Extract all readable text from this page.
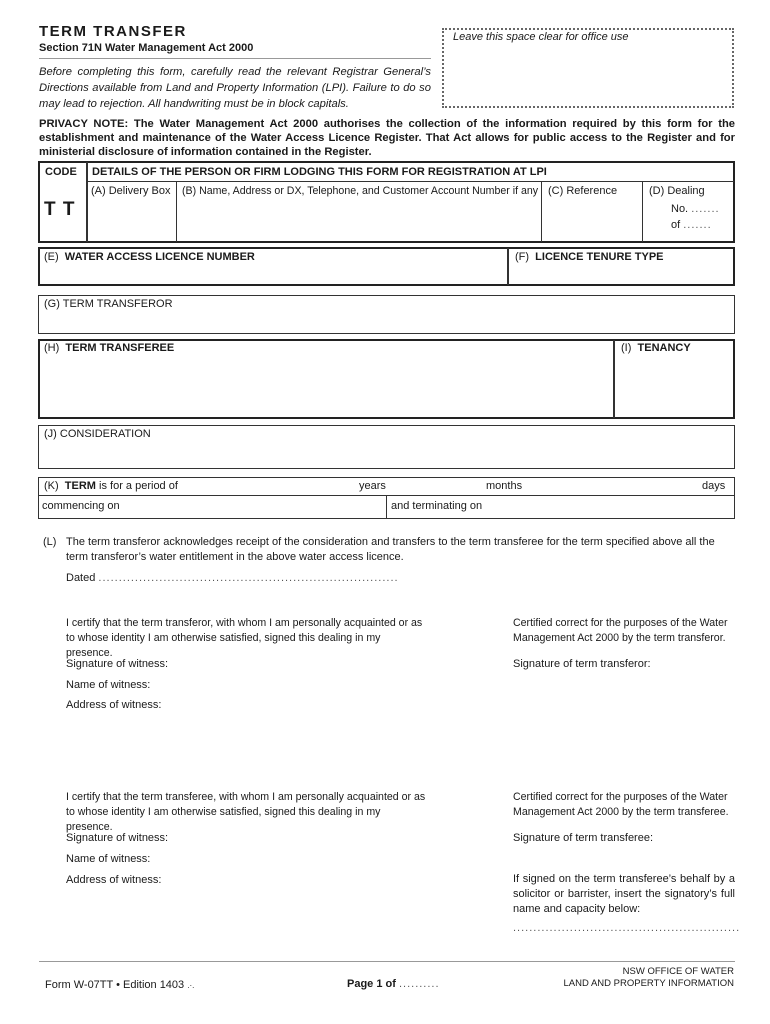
TERM TRANSFER
Section 71N Water Management Act 2000
Leave this space clear for office use
Before completing this form, carefully read the relevant Registrar General’s Directions available from Land and Property Information (LPI). Failure to do so may lead to rejection. All handwriting must be in block capitals.
PRIVACY NOTE: The Water Management Act 2000 authorises the collection of the information required by this form for the establishment and maintenance of the Water Access Licence Register. That Act allows for public access to the Register and for ministerial disclosure of information contained in the Register.
CODE
T T
DETAILS OF THE PERSON OR FIRM LODGING THIS FORM FOR REGISTRATION AT LPI
(A) Delivery Box (B) Name, Address or DX, Telephone, and Customer Account Number if any (C) Reference	(D) Dealing
No. .......
of .......
(E) WATER ACCESS LICENCE NUMBER	(F) LICENCE TENURE TYPE
(G) TERM TRANSFEROR
(H) TERM TRANSFEREE	(I) TENANCY
(J) CONSIDERATION
(K) TERM is for a period of	years	months	days
commencing on	and terminating on
(L) The term transferor acknowledges receipt of the consideration and transfers to the term transferee for the term specified above all the term transferor’s water entitlement in the above water access licence.
Dated ..........................................................................
I certify that the term transferor, with whom I am personally acquainted or as to whose identity I am otherwise satisfied, signed this dealing in my presence.
Certified correct for the purposes of the Water Management Act 2000 by the term transferor.
Signature of witness:
Name of witness:
Address of witness:
Signature of term transferor:
I certify that the term transferee, with whom I am personally acquainted or as to whose identity I am otherwise satisfied, signed this dealing in my presence.
Certified correct for the purposes of the Water Management Act 2000 by the term transferee.
Signature of witness:
Name of witness:
Address of witness:
Signature of term transferee:
If signed on the term transferee’s behalf by a solicitor or barrister, insert the signatory’s full name and capacity below:
........................................................
Form W-07TT • Edition 1403 .·.	Page 1 of ..........
NSW OFFICE OF WATER
LAND AND PROPERTY INFORMATION
